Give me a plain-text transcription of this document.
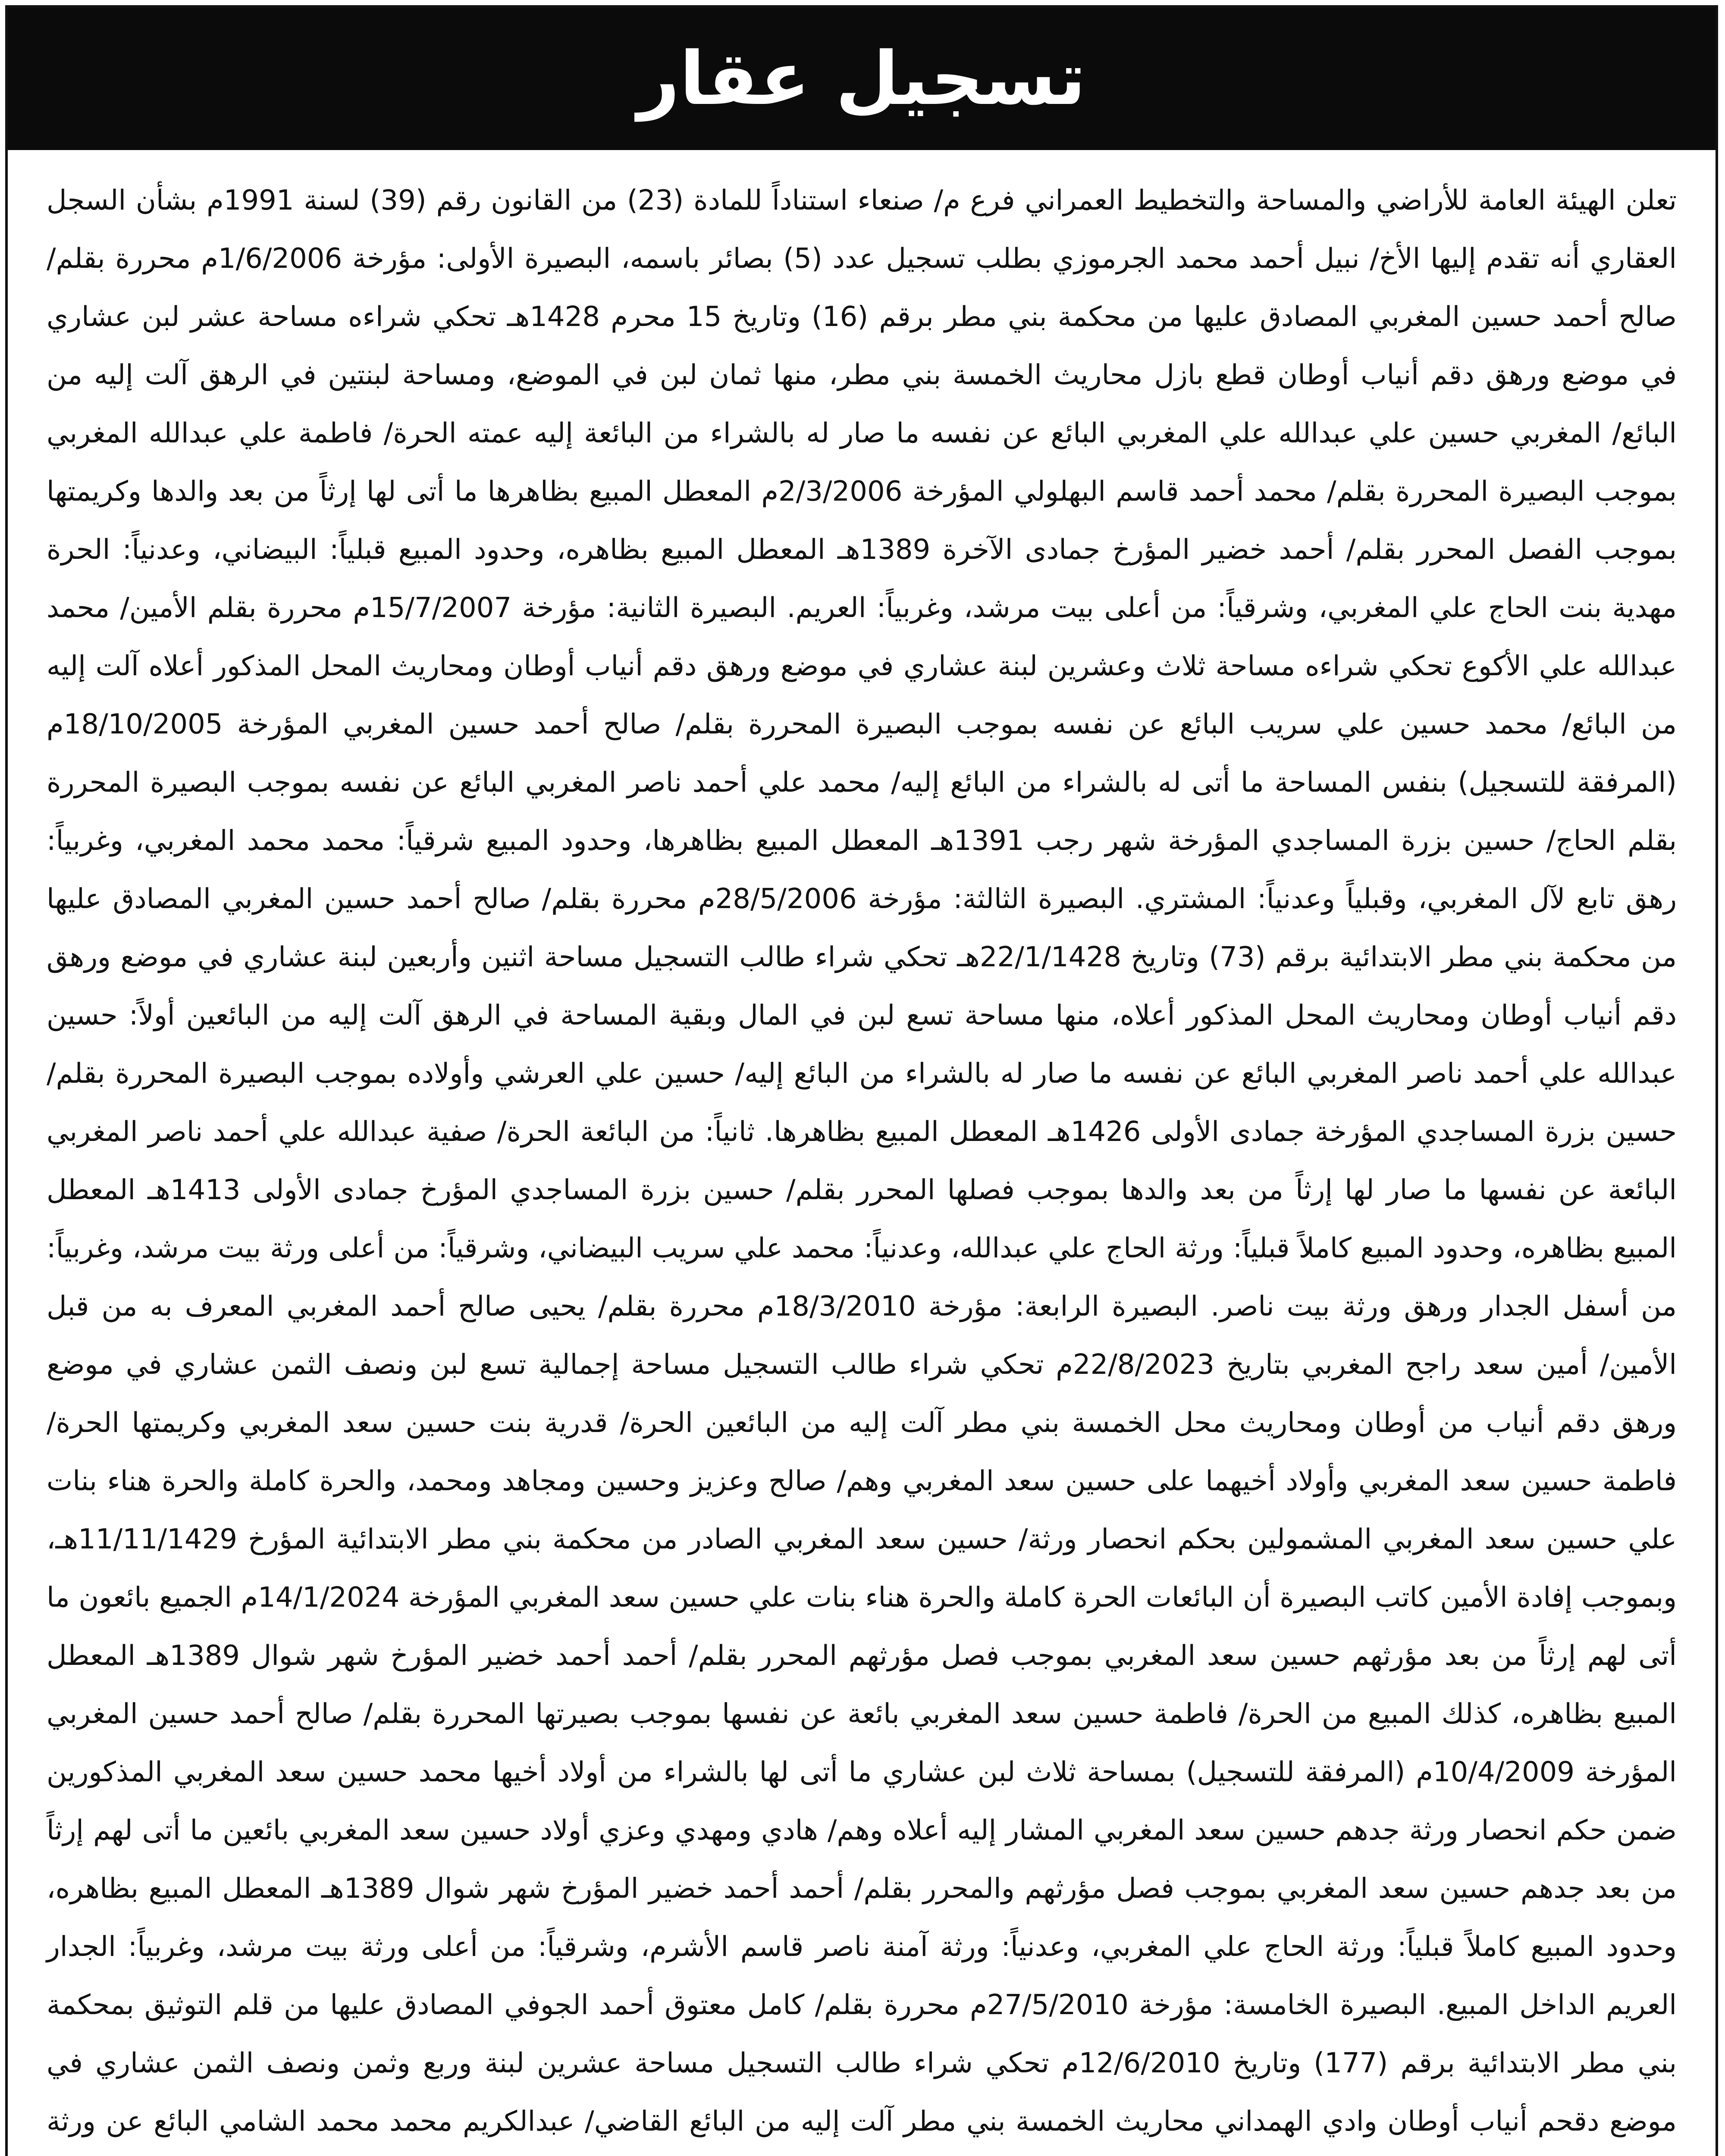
تسجيل عقار

تعلن الهيئة العامة للأراضي والمساحة والتخطيط العمراني فرع م/ صنعاء استناداً للمادة (23) من القانون رقم (39) لسنة 1991م بشأن السجل العقاري أنه تقدم إليها الأخ/ نبيل أحمد محمد الجرموزي بطلب تسجيل عدد (5) بصائر باسمه، البصيرة الأولى: مؤرخة 1/6/2006م محررة بقلم/ صالح أحمد حسين المغربي المصادق عليها من محكمة بني مطر برقم (16) وتاريخ 15 محرم 1428هـ تحكي شراءه مساحة عشر لبن عشاري في موضع ورهق دقم أنياب أوطان قطع بازل محاريث الخمسة بني مطر، منها ثمان لبن في الموضع، ومساحة لبنتين في الرهق آلت إليه من البائع/ المغربي حسين علي عبدالله علي المغربي البائع عن نفسه ما صار له بالشراء من البائعة إليه عمته الحرة/ فاطمة علي عبدالله المغربي بموجب البصيرة المحررة بقلم/ محمد أحمد قاسم البهلولي المؤرخة 2/3/2006م المعطل المبيع بظاهرها ما أتى لها إرثاً من بعد والدها وكريمتها بموجب الفصل المحرر بقلم/ أحمد خضير المؤرخ جمادى الآخرة 1389هـ المعطل المبيع بظاهره، وحدود المبيع قبلياً: البيضاني، وعدنياً: الحرة مهدية بنت الحاج علي المغربي، وشرقياً: من أعلى بيت مرشد، وغربياً: العريم. البصيرة الثانية: مؤرخة 15/7/2007م محررة بقلم الأمين/ محمد عبدالله علي الأكوع تحكي شراءه مساحة ثلاث وعشرين لبنة عشاري في موضع ورهق دقم أنياب أوطان ومحاريث المحل المذكور أعلاه آلت إليه من البائع/ محمد حسين علي سريب البائع عن نفسه بموجب البصيرة المحررة بقلم/ صالح أحمد حسين المغربي المؤرخة 18/10/2005م (المرفقة للتسجيل) بنفس المساحة ما أتى له بالشراء من البائع إليه/ محمد علي أحمد ناصر المغربي البائع عن نفسه بموجب البصيرة المحررة بقلم الحاج/ حسين بزرة المساجدي المؤرخة شهر رجب 1391هـ المعطل المبيع بظاهرها، وحدود المبيع شرقياً: محمد محمد المغربي، وغربياً: رهق تابع لآل المغربي، وقبلياً وعدنياً: المشتري. البصيرة الثالثة: مؤرخة 28/5/2006م محررة بقلم/ صالح أحمد حسين المغربي المصادق عليها من محكمة بني مطر الابتدائية برقم (73) وتاريخ 22/1/1428هـ تحكي شراء طالب التسجيل مساحة اثنين وأربعين لبنة عشاري في موضع ورهق دقم أنياب أوطان ومحاريث المحل المذكور أعلاه، منها مساحة تسع لبن في المال وبقية المساحة في الرهق آلت إليه من البائعين أولاً: حسين عبدالله علي أحمد ناصر المغربي البائع عن نفسه ما صار له بالشراء من البائع إليه/ حسين علي العرشي وأولاده بموجب البصيرة المحررة بقلم/ حسين بزرة المساجدي المؤرخة جمادى الأولى 1426هـ المعطل المبيع بظاهرها. ثانياً: من البائعة الحرة/ صفية عبدالله علي أحمد ناصر المغربي البائعة عن نفسها ما صار لها إرثاً من بعد والدها بموجب فصلها المحرر بقلم/ حسين بزرة المساجدي المؤرخ جمادى الأولى 1413هـ المعطل المبيع بظاهره، وحدود المبيع كاملاً قبلياً: ورثة الحاج علي عبدالله، وعدنياً: محمد علي سريب البيضاني، وشرقياً: من أعلى ورثة بيت مرشد، وغربياً: من أسفل الجدار ورهق ورثة بيت ناصر. البصيرة الرابعة: مؤرخة 18/3/2010م محررة بقلم/ يحيى صالح أحمد المغربي المعرف به من قبل الأمين/ أمين سعد راجح المغربي بتاريخ 22/8/2023م تحكي شراء طالب التسجيل مساحة إجمالية تسع لبن ونصف الثمن عشاري في موضع ورهق دقم أنياب من أوطان ومحاريث محل الخمسة بني مطر آلت إليه من البائعين الحرة/ قدرية بنت حسين سعد المغربي وكريمتها الحرة/ فاطمة حسين سعد المغربي وأولاد أخيهما على حسين سعد المغربي وهم/ صالح وعزيز وحسين ومجاهد ومحمد، والحرة كاملة والحرة هناء بنات علي حسين سعد المغربي المشمولين بحكم انحصار ورثة/ حسين سعد المغربي الصادر من محكمة بني مطر الابتدائية المؤرخ 11/11/1429هـ، وبموجب إفادة الأمين كاتب البصيرة أن البائعات الحرة كاملة والحرة هناء بنات علي حسين سعد المغربي المؤرخة 14/1/2024م الجميع بائعون ما أتى لهم إرثاً من بعد مؤرثهم حسين سعد المغربي بموجب فصل مؤرثهم المحرر بقلم/ أحمد أحمد خضير المؤرخ شهر شوال 1389هـ المعطل المبيع بظاهره، كذلك المبيع من الحرة/ فاطمة حسين سعد المغربي بائعة عن نفسها بموجب بصيرتها المحررة بقلم/ صالح أحمد حسين المغربي المؤرخة 10/4/2009م (المرفقة للتسجيل) بمساحة ثلاث لبن عشاري ما أتى لها بالشراء من أولاد أخيها محمد حسين سعد المغربي المذكورين ضمن حكم انحصار ورثة جدهم حسين سعد المغربي المشار إليه أعلاه وهم/ هادي ومهدي وعزي أولاد حسين سعد المغربي بائعين ما أتى لهم إرثاً من بعد جدهم حسين سعد المغربي بموجب فصل مؤرثهم والمحرر بقلم/ أحمد أحمد خضير المؤرخ شهر شوال 1389هـ المعطل المبيع بظاهره، وحدود المبيع كاملاً قبلياً: ورثة الحاج علي المغربي، وعدنياً: ورثة آمنة ناصر قاسم الأشرم، وشرقياً: من أعلى ورثة بيت مرشد، وغربياً: الجدار العريم الداخل المبيع. البصيرة الخامسة: مؤرخة 27/5/2010م محررة بقلم/ كامل معتوق أحمد الجوفي المصادق عليها من قلم التوثيق بمحكمة بني مطر الابتدائية برقم (177) وتاريخ 12/6/2010م تحكي شراء طالب التسجيل مساحة عشرين لبنة وربع وثمن ونصف الثمن عشاري في موضع دقحم أنياب أوطان وادي الهمداني محاريث الخمسة بني مطر آلت إليه من البائع القاضي/ عبدالكريم محمد محمد الشامي البائع عن ورثة
